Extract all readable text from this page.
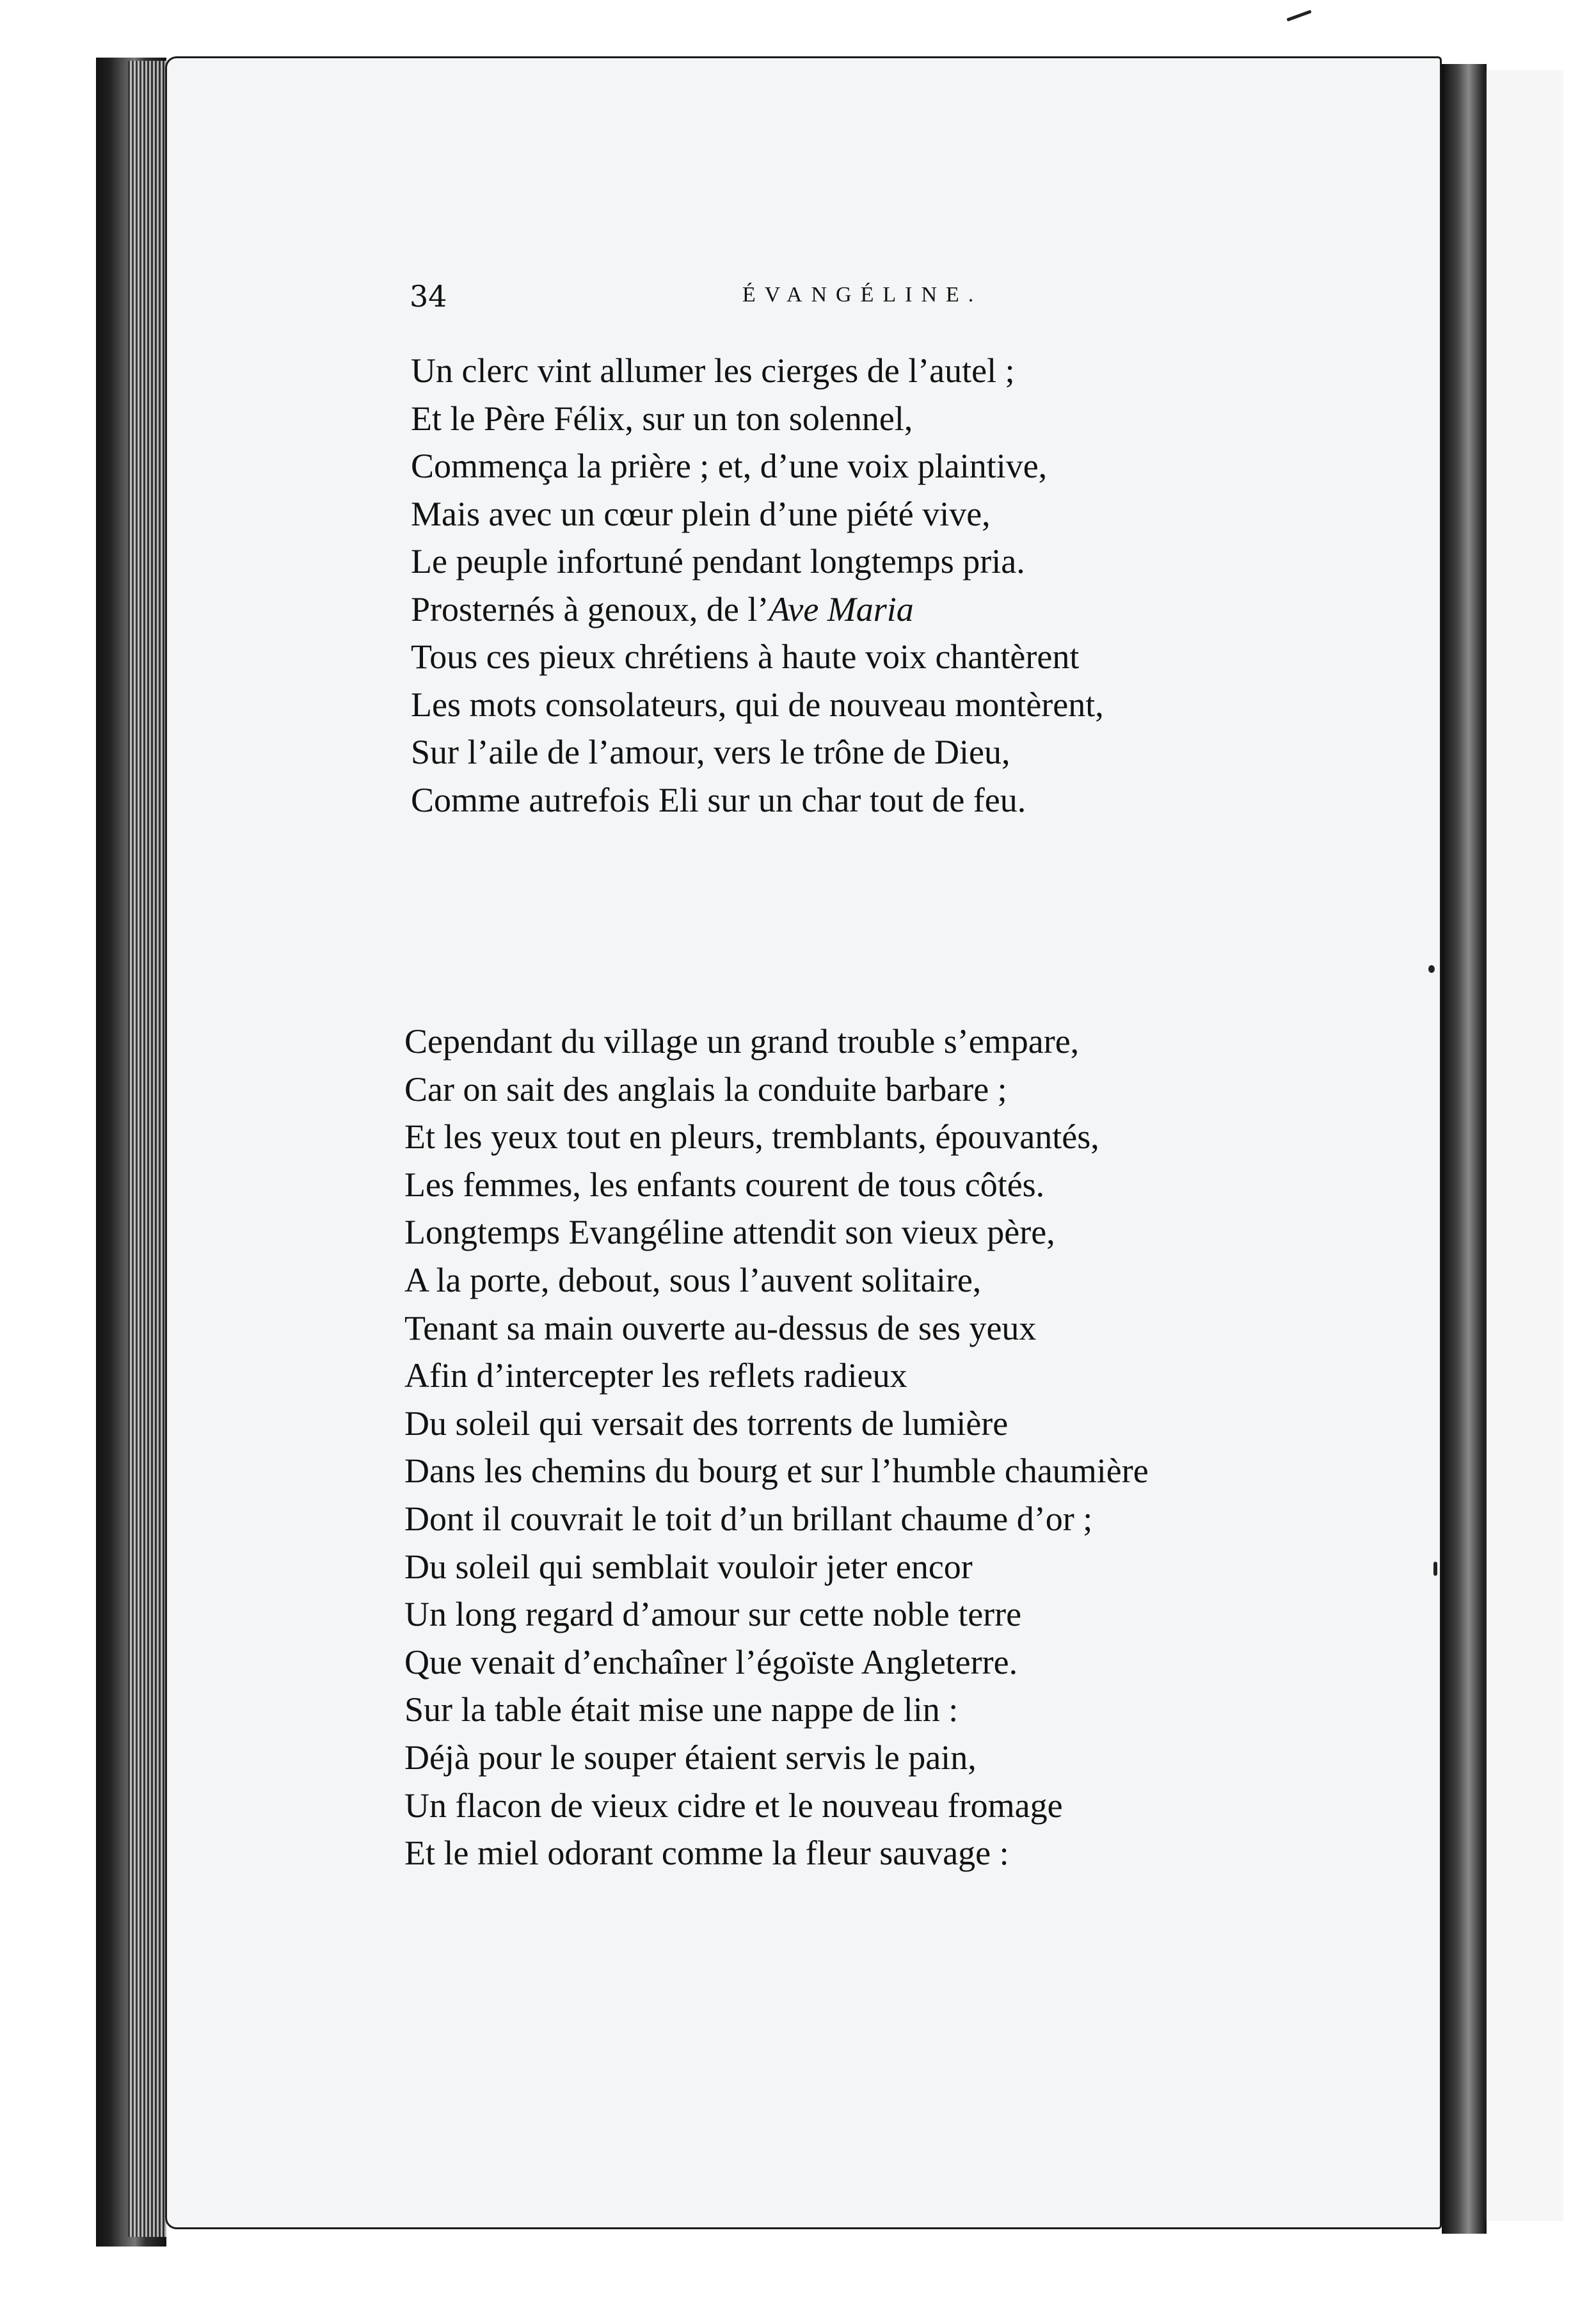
34	ÉVANGÉLINE.
Un clerc vint allumer les cierges de l’autel ;
Et le Père Félix, sur un ton solennel,
Commença la prière ; et, d’une voix plaintive,
Mais avec un cœur plein d’une piété vive,
Le peuple infortuné pendant longtemps pria.
Prosternés à genoux, de l’Ave Maria
Tous ces pieux chrétiens à haute voix chantèrent
Les mots consolateurs, qui de nouveau montèrent,
Sur l’aile de l’amour, vers le trône de Dieu,
Comme autrefois Eli sur un char tout de feu.
Cependant du village un grand trouble s’empare,
Car on sait des anglais la conduite barbare ;
Et les yeux tout en pleurs, tremblants, épouvantés,
Les femmes, les enfants courent de tous côtés.
Longtemps Evangéline attendit son vieux père,
A la porte, debout, sous l’auvent solitaire,
Tenant sa main ouverte au-dessus de ses yeux
Afin d’intercepter les reflets radieux
Du soleil qui versait des torrents de lumière
Dans les chemins du bourg et sur l’humble chaumière
Dont il couvrait le toit d’un brillant chaume d’or ;
Du soleil qui semblait vouloir jeter encor
Un long regard d’amour sur cette noble terre
Que venait d’enchaîner l’égoïste Angleterre.
Sur la table était mise une nappe de lin :
Déjà pour le souper étaient servis le pain,
Un flacon de vieux cidre et le nouveau fromage
Et le miel odorant comme la fleur sauvage :
